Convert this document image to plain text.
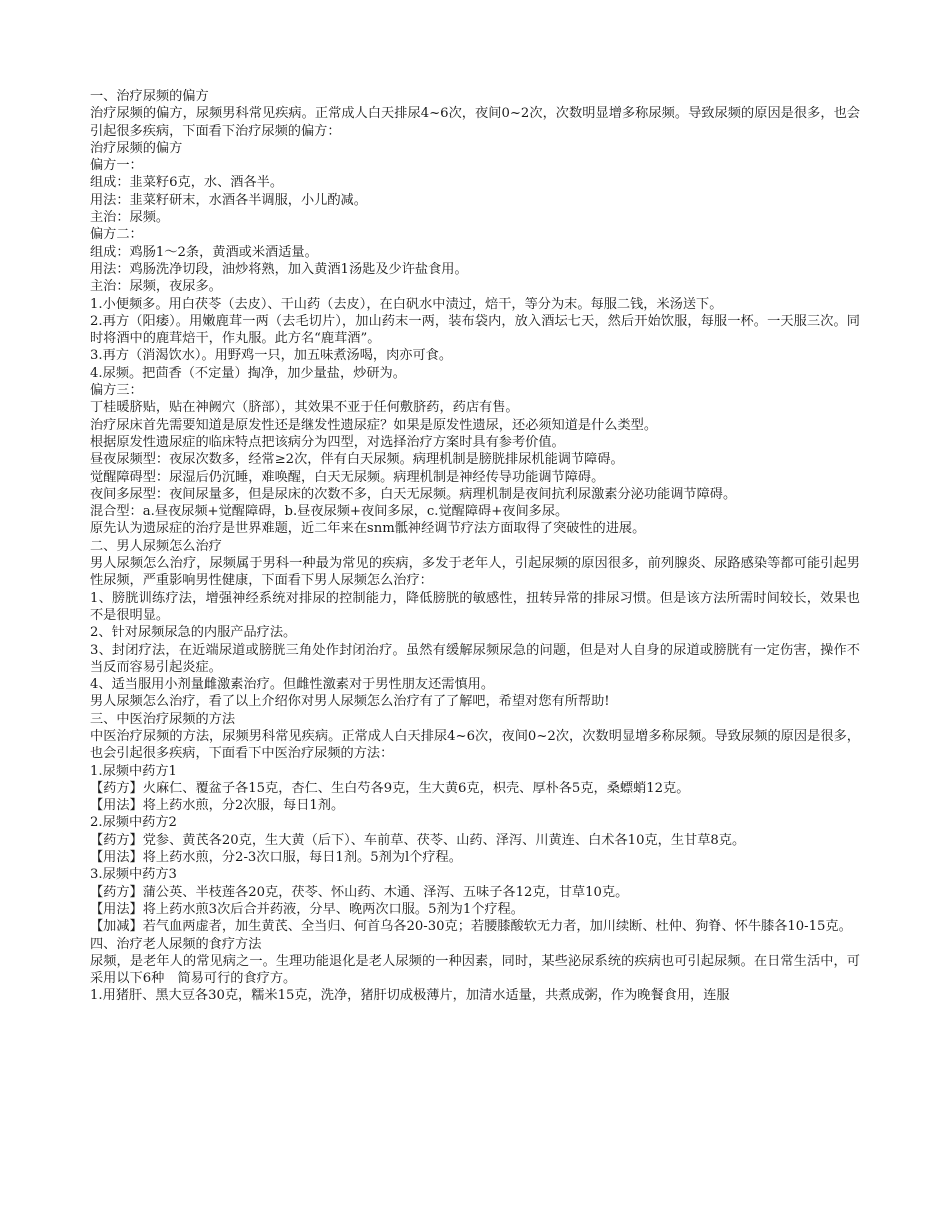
一、治疗尿频的偏方

治疗尿频的偏方，尿频男科常见疾病。正常成人白天排尿4~6次，夜间0~2次，次数明显增多称尿频。导致尿频的原因是很多，也会引起很多疾病，下面看下治疗尿频的偏方：

治疗尿频的偏方

偏方一：

组成：韭菜籽6克，水、酒各半。

用法：韭菜籽研末，水酒各半调服，小儿酌减。

主治：尿频。

偏方二：

组成：鸡肠1～2条，黄酒或米酒适量。

用法：鸡肠洗净切段，油炒将熟，加入黄酒1汤匙及少许盐食用。

主治：尿频，夜尿多。

1.小便频多。用白茯苓（去皮）、干山药（去皮），在白矾水中渍过，焙干，等分为末。每服二钱，米汤送下。

2.再方（阳痿）。用嫩鹿茸一两（去毛切片），加山药末一两，装布袋内，放入酒坛七天，然后开始饮服，每服一杯。一天服三次。同时将酒中的鹿茸焙干，作丸服。此方名“鹿茸酒”。

3.再方（消渴饮水）。用野鸡一只，加五味煮汤喝，肉亦可食。

4.尿频。把茴香（不定量）掏净，加少量盐，炒研为。

偏方三：

丁桂暖脐贴，贴在神阙穴（脐部），其效果不亚于任何敷脐药，药店有售。

治疗尿床首先需要知道是原发性还是继发性遗尿症？如果是原发性遗尿，还必须知道是什么类型。

根据原发性遗尿症的临床特点把该病分为四型，对选择治疗方案时具有参考价值。

昼夜尿频型：夜尿次数多，经常≥2次，伴有白天尿频。病理机制是膀胱排尿机能调节障碍。

觉醒障碍型：尿湿后仍沉睡，难唤醒，白天无尿频。病理机制是神经传导功能调节障碍。

夜间多尿型：夜间尿量多，但是尿床的次数不多，白天无尿频。病理机制是夜间抗利尿激素分泌功能调节障碍。

混合型：a.昼夜尿频+觉醒障碍，b.昼夜尿频+夜间多尿，c.觉醒障碍+夜间多尿。

原先认为遗尿症的治疗是世界难题，近二年来在snm骶神经调节疗法方面取得了突破性的进展。

二、男人尿频怎么治疗

男人尿频怎么治疗，尿频属于男科一种最为常见的疾病，多发于老年人，引起尿频的原因很多，前列腺炎、尿路感染等都可能引起男性尿频，严重影响男性健康，下面看下男人尿频怎么治疗：

1、膀胱训练疗法，增强神经系统对排尿的控制能力，降低膀胱的敏感性，扭转异常的排尿习惯。但是该方法所需时间较长，效果也不是很明显。

2、针对尿频尿急的内服产品疗法。

3、封闭疗法，在近端尿道或膀胱三角处作封闭治疗。虽然有缓解尿频尿急的问题，但是对人自身的尿道或膀胱有一定伤害，操作不当反而容易引起炎症。

4、适当服用小剂量雌激素治疗。但雌性激素对于男性朋友还需慎用。

男人尿频怎么治疗，看了以上介绍你对男人尿频怎么治疗有了了解吧，希望对您有所帮助!

三、中医治疗尿频的方法

中医治疗尿频的方法，尿频男科常见疾病。正常成人白天排尿4~6次，夜间0~2次，次数明显增多称尿频。导致尿频的原因是很多，也会引起很多疾病，下面看下中医治疗尿频的方法：

1.尿频中药方1

【药方】火麻仁、覆盆子各15克，杏仁、生白芍各9克，生大黄6克，枳壳、厚朴各5克，桑螵蛸12克。

【用法】将上药水煎，分2次服，每日1剂。

2.尿频中药方2

【药方】党参、黄芪各20克，生大黄（后下）、车前草、茯苓、山药、泽泻、川黄连、白术各10克，生甘草8克。

【用法】将上药水煎，分2-3次口服，每日1剂。5剂为l个疗程。

3.尿频中药方3

【药方】蒲公英、半枝莲各20克，茯苓、怀山药、木通、泽泻、五味子各12克，甘草10克。

【用法】将上药水煎3次后合并药液，分早、晚两次口服。5剂为1个疗程。

【加减】若气血两虚者，加生黄芪、全当归、何首乌各20-30克；若腰膝酸软无力者，加川续断、杜仲、狗脊、怀牛膝各10-15克。

四、治疗老人尿频的食疗方法

尿频，是老年人的常见病之一。生理功能退化是老人尿频的一种因素，同时，某些泌尿系统的疾病也可引起尿频。在日常生活中，可采用以下6种　简易可行的食疗方。

1.用猪肝、黑大豆各30克，糯米15克，洗净，猪肝切成极薄片，加清水适量，共煮成粥，作为晚餐食用，连服
